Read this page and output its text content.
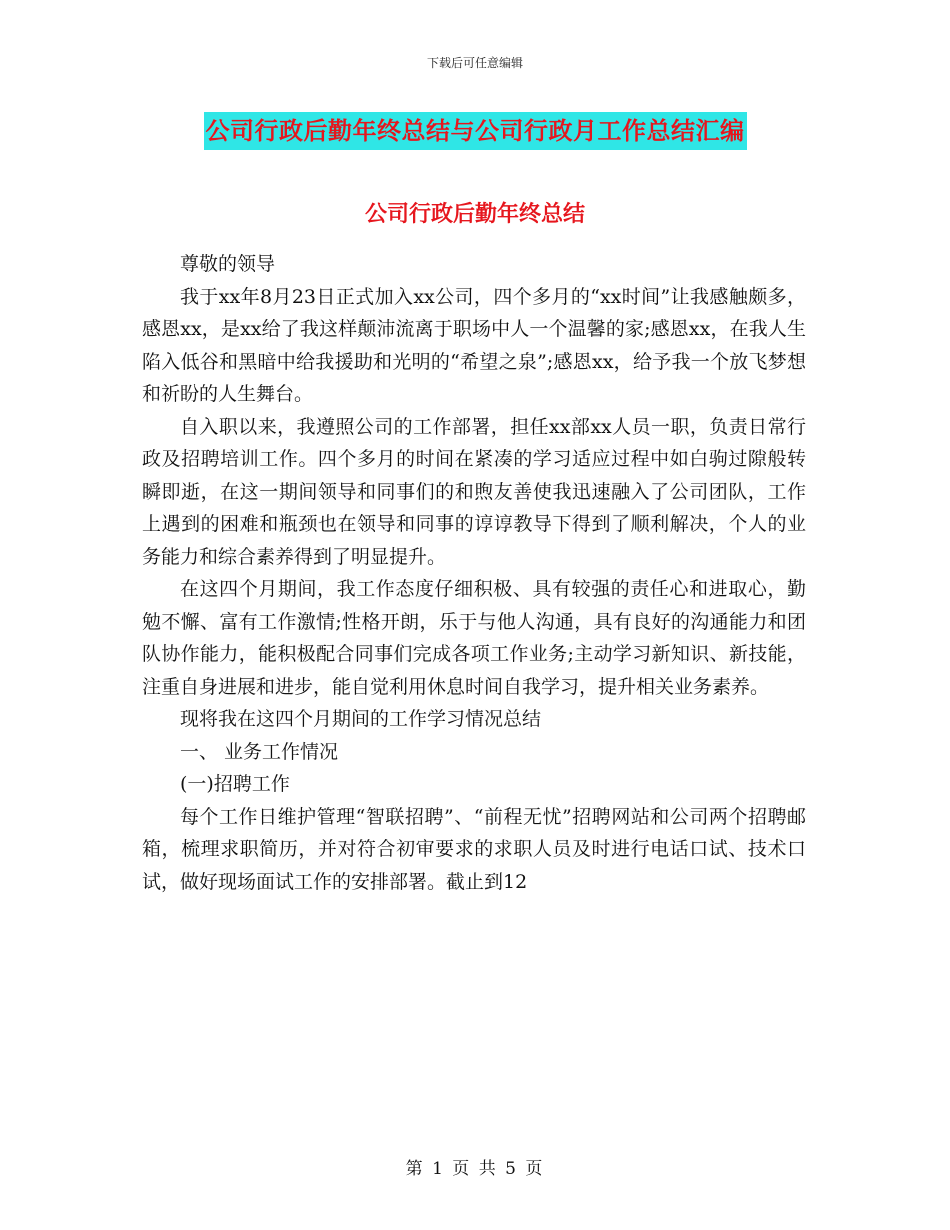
下载后可任意编辑
公司行政后勤年终总结与公司行政月工作总结汇编
公司行政后勤年终总结

尊敬的领导

我于xx年8月23日正式加入xx公司，四个多月的“xx时间”让我感触颇多，感恩xx，是xx给了我这样颠沛流离于职场中人一个温馨的家;感恩xx，在我人生陷入低谷和黑暗中给我援助和光明的“希望之泉”;感恩xx，给予我一个放飞梦想和祈盼的人生舞台。

自入职以来，我遵照公司的工作部署，担任xx部xx人员一职，负责日常行政及招聘培训工作。四个多月的时间在紧凑的学习适应过程中如白驹过隙般转瞬即逝，在这一期间领导和同事们的和煦友善使我迅速融入了公司团队，工作上遇到的困难和瓶颈也在领导和同事的谆谆教导下得到了顺利解决，个人的业务能力和综合素养得到了明显提升。

在这四个月期间，我工作态度仔细积极、具有较强的责任心和进取心，勤勉不懈、富有工作激情;性格开朗，乐于与他人沟通，具有良好的沟通能力和团队协作能力，能积极配合同事们完成各项工作业务;主动学习新知识、新技能，注重自身进展和进步，能自觉利用休息时间自我学习，提升相关业务素养。

现将我在这四个月期间的工作学习情况总结

一、 业务工作情况

(一)招聘工作

每个工作日维护管理“智联招聘”、“前程无忧”招聘网站和公司两个招聘邮箱，梳理求职简历，并对符合初审要求的求职人员及时进行电话口试、技术口试，做好现场面试工作的安排部署。截止到12

第 1 页 共 5 页
